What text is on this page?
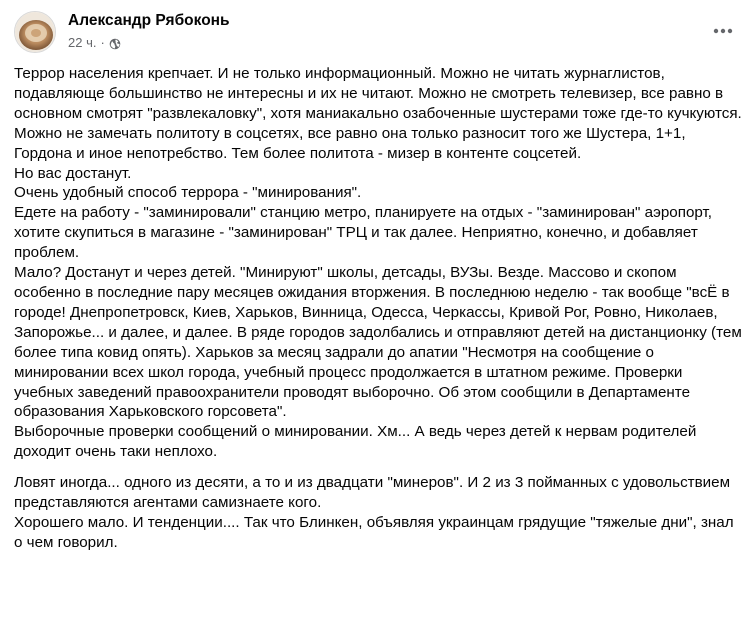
Александр Рябоконь
22 ч. ·

Террор населения крепчает. И не только информационный. Можно не читать журнаглистов, подавляюще большинство не интересны и их не читают. Можно не смотреть телевизер, все равно в основном смотрят "развлекаловку", хотя маниакально озабоченные шустерами тоже где-то кучкуются. Можно не замечать политоту в соцсетях, все равно она только разносит того же Шустера, 1+1, Гордона и иное непотребство. Тем более политота - мизер в контенте соцсетей.
Но вас достанут.
Очень удобный способ террора - "минирования".
Едете на работу - "заминировали" станцию метро, планируете на отдых - "заминирован" аэропорт, хотите скупиться в магазине - "заминирован" ТРЦ и так далее. Неприятно, конечно, и добавляет проблем.
Мало? Достанут и через детей. "Минируют" школы, детсады, ВУЗы. Везде. Массово и скопом особенно в последние пару месяцев ожидания вторжения. В последнюю неделю - так вообще "всЁ в городе! Днепропетровск, Киев, Харьков, Винница, Одесса, Черкассы, Кривой Рог, Ровно, Николаев, Запорожье... и далее, и далее. В ряде городов задолбались и отправляют детей на дистанционку (тем более типа ковид опять). Харьков за месяц задрали до апатии "Несмотря на сообщение о минировании всех школ города, учебный процесс продолжается в штатном режиме. Проверки учебных заведений правоохранители проводят выборочно. Об этом сообщили в Департаменте образования Харьковского горсовета".
Выборочные проверки сообщений о минировании. Хм... А ведь через детей к нервам родителей доходит очень таки неплохо.

Ловят иногда... одного из десяти, а то и из двадцати "минеров". И 2 из 3 пойманных с удовольствием представляются агентами самизнаете кого.
Хорошего мало. И тенденции.... Так что Блинкен, объявляя украинцам грядущие "тяжелые дни", знал о чем говорил.
